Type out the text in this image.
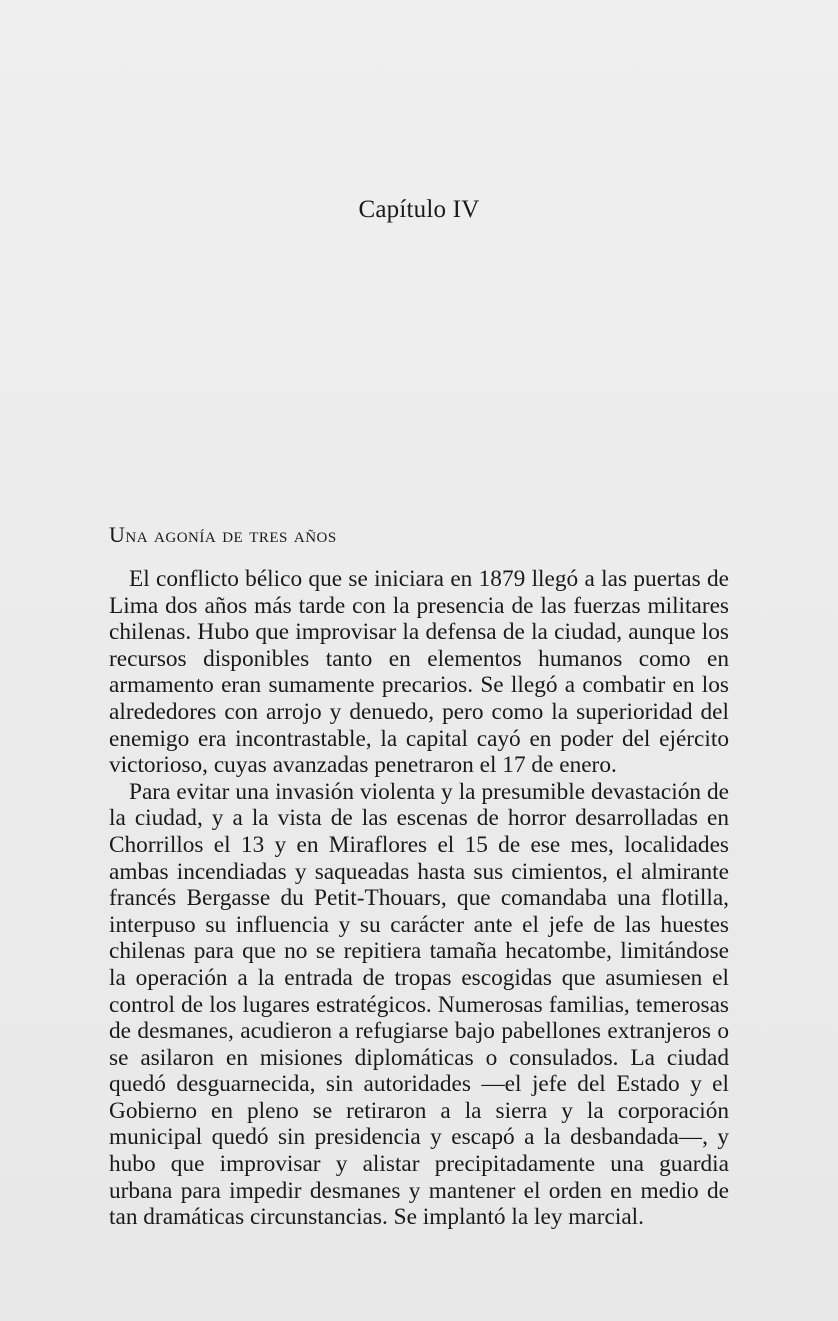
Capítulo IV
Una agonía de tres años

El conflicto bélico que se iniciara en 1879 llegó a las puertas de Lima dos años más tarde con la presencia de las fuerzas militares chilenas. Hubo que improvisar la defensa de la ciudad, aunque los recursos disponibles tanto en elementos humanos como en armamento eran sumamente precarios. Se llegó a combatir en los alrededores con arrojo y denuedo, pero como la superioridad del enemigo era incontrastable, la capital cayó en poder del ejército victorioso, cuyas avanzadas penetraron el 17 de enero.

Para evitar una invasión violenta y la presumible devastación de la ciudad, y a la vista de las escenas de horror desarrolladas en Chorrillos el 13 y en Miraflores el 15 de ese mes, localidades ambas incendiadas y saqueadas hasta sus cimientos, el almirante francés Bergasse du Petit-Thouars, que comandaba una flotilla, interpuso su influencia y su carácter ante el jefe de las huestes chilenas para que no se repitiera tamaña hecatombe, limitándose la operación a la entrada de tropas escogidas que asumiesen el control de los lugares estratégicos. Numerosas familias, temerosas de desmanes, acudieron a refugiarse bajo pabellones extranjeros o se asilaron en misiones diplomáticas o consulados. La ciudad quedó desguarnecida, sin autoridades —el jefe del Estado y el Gobierno en pleno se retiraron a la sierra y la corporación municipal quedó sin presidencia y escapó a la desbandada—, y hubo que improvisar y alistar precipitadamente una guardia urbana para impedir desmanes y mantener el orden en medio de tan dramáticas circunstancias. Se implantó la ley marcial.
